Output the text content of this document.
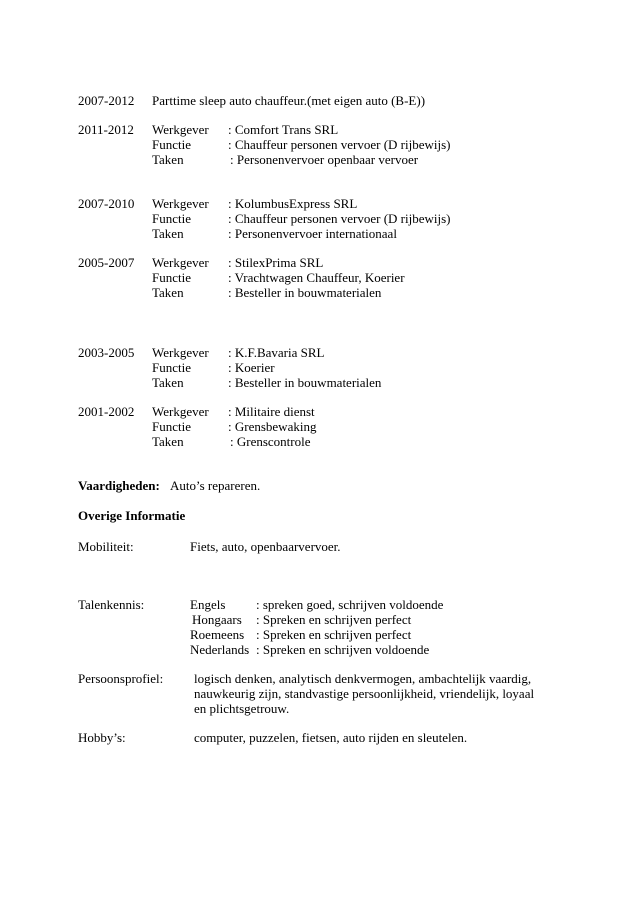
2007-2012 Parttime sleep auto chauffeur.(met eigen auto (B-E))
2011-2012 Werkgever : Comfort Trans SRL
Functie	: Chauffeur personen vervoer (D rijbewijs)
Taken	: Personenvervoer openbaar vervoer
2007-2010 Werkgever : KolumbusExpress SRL
Functie	: Chauffeur personen vervoer (D rijbewijs)
Taken	: Personenvervoer internationaal
2005-2007 Werkgever : StilexPrima SRL
Functie	: Vrachtwagen Chauffeur, Koerier
Taken	: Besteller in bouwmaterialen
2003-2005 Werkgever : K.F.Bavaria SRL
Functie	: Koerier
Taken	: Besteller in bouwmaterialen
2001-2002 Werkgever : Militaire dienst
Functie	: Grensbewaking
Taken	: Grenscontrole
Vaardigheden: Auto’s repareren.
Overige Informatie
Mobiliteit:	Fiets, auto, openbaarvervoer.
Talenkennis:	Engels : spreken goed, schrijven voldoende
Hongaars : Spreken en schrijven perfect
Roemeens : Spreken en schrijven perfect
Nederlands : Spreken en schrijven voldoende
Persoonsprofiel: logisch denken, analytisch denkvermogen, ambachtelijk vaardig,
nauwkeurig zijn, standvastige persoonlijkheid, vriendelijk, loyaal
en plichtsgetrouw.
Hobby’s:	computer, puzzelen, fietsen, auto rijden en sleutelen.
